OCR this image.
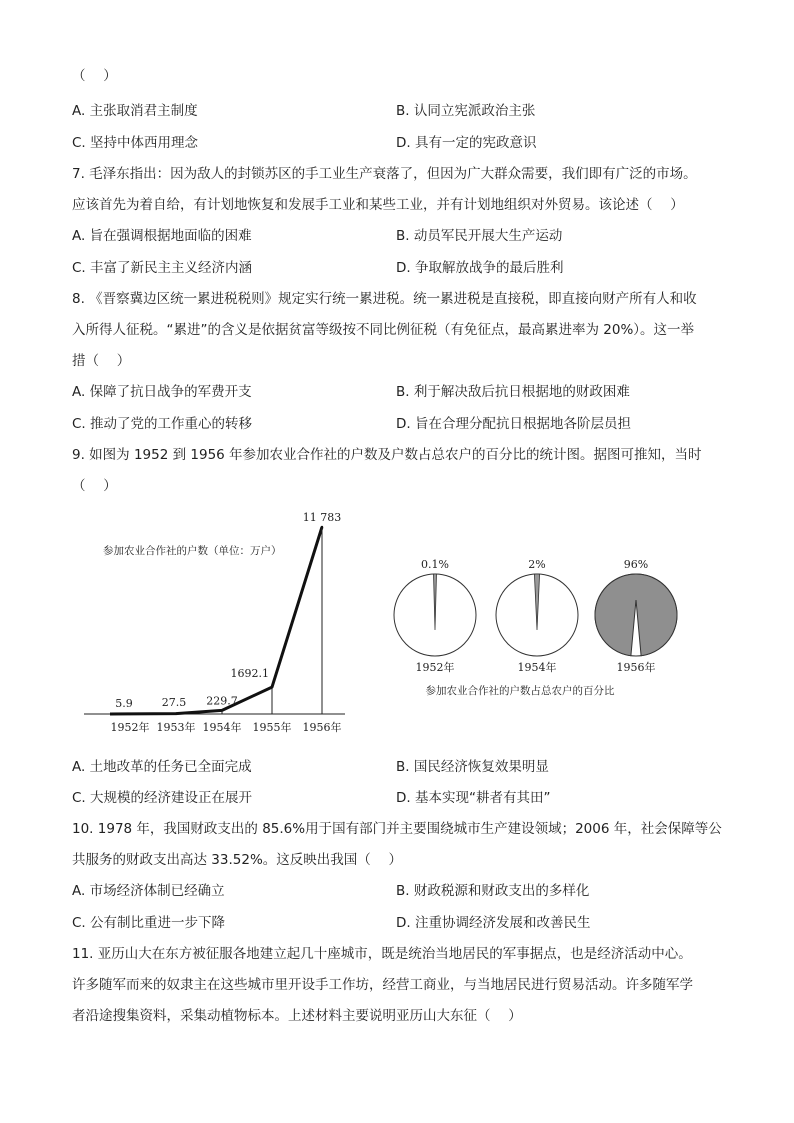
（　 ）
A. 主张取消君主制度	B. 认同立宪派政治主张
C. 坚持中体西用理念	D. 具有一定的宪政意识
7. 毛泽东指出：因为敌人的封锁苏区的手工业生产衰落了，但因为广大群众需要，我们即有广泛的市场。
应该首先为着自给，有计划地恢复和发展手工业和某些工业，并有计划地组织对外贸易。该论述（　 ）
A. 旨在强调根据地面临的困难	B. 动员军民开展大生产运动
C. 丰富了新民主主义经济内涵	D. 争取解放战争的最后胜利
8. 《晋察冀边区统一累进税税则》规定实行统一累进税。统一累进税是直接税，即直接向财产所有人和收
入所得人征税。“累进”的含义是依据贫富等级按不同比例征税（有免征点，最高累进率为 20%）。这一举
措（　 ）
A. 保障了抗日战争的军费开支	B. 利于解决敌后抗日根据地的财政困难
C. 推动了党的工作重心的转移	D. 旨在合理分配抗日根据地各阶层员担
9. 如图为 1952 到 1956 年参加农业合作社的户数及户数占总农户的百分比的统计图。据图可推知，当时
（　 ）
参加农业合作社的户数（单位：万户）
5.9
1952年
27.5
1953年
229.7
1954年
1692.1
1955年
11 783
1956年
0.1%
1952年
2%
1954年
96%
1956年
参加农业合作社的户数占总农户的百分比
A. 土地改革的任务已全面完成	B. 国民经济恢复效果明显
C. 大规模的经济建设正在展开	D. 基本实现“耕者有其田”
10. 1978 年，我国财政支出的 85.6%用于国有部门并主要围绕城市生产建设领域；2006 年，社会保障等公
共服务的财政支出高达 33.52%。这反映出我国（　 ）
A. 市场经济体制已经确立	B. 财政税源和财政支出的多样化
C. 公有制比重进一步下降	D. 注重协调经济发展和改善民生
11. 亚历山大在东方被征服各地建立起几十座城市，既是统治当地居民的军事据点，也是经济活动中心。
许多随军而来的奴隶主在这些城市里开设手工作坊，经营工商业，与当地居民进行贸易活动。许多随军学
者沿途搜集资料，采集动植物标本。上述材料主要说明亚历山大东征（　 ）
